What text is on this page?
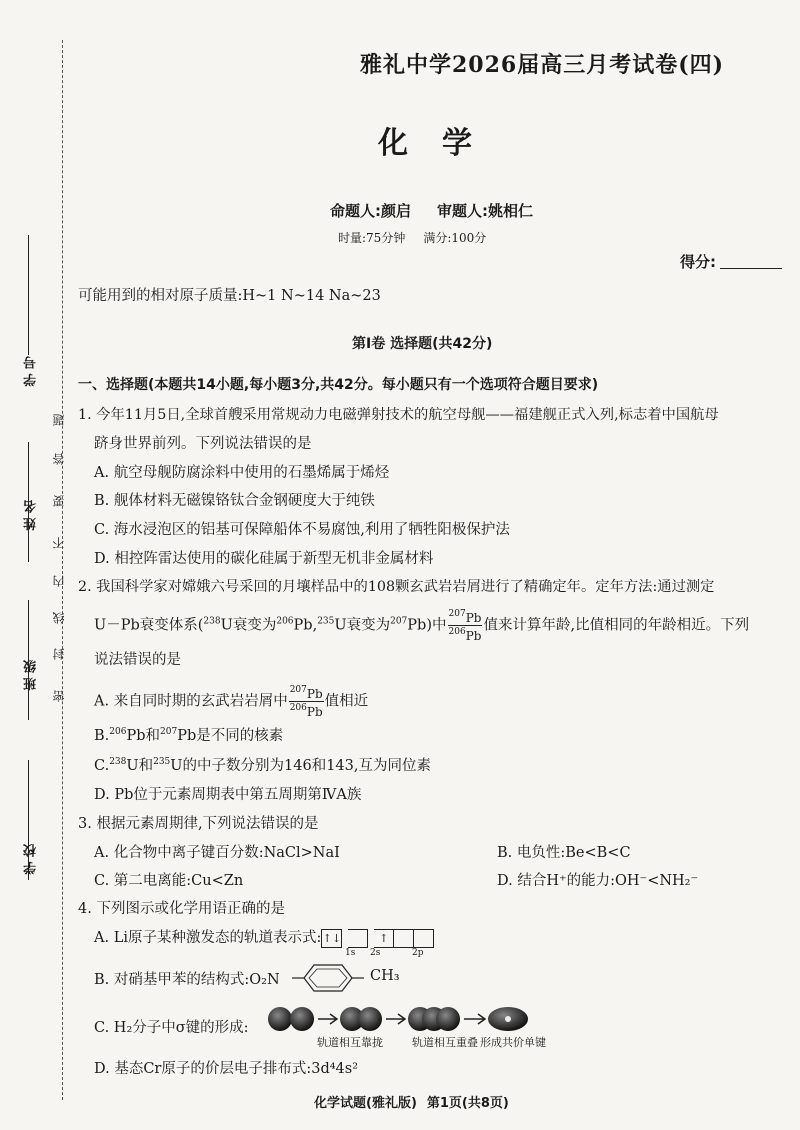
学 号
姓 名
班 级
学 校
密
封
线
内
不
要
答
题
雅礼中学2026届高三月考试卷(四)
化学
命题人:颜启 审题人:姚相仁
时量:75分钟 满分:100分
得分:
可能用到的相对原子质量:H~1 N~14 Na~23
第Ⅰ卷 选择题(共42分)
一、选择题(本题共14小题,每小题3分,共42分。每小题只有一个选项符合题目要求)
1. 今年11月5日,全球首艘采用常规动力电磁弹射技术的航空母舰——福建舰正式入列,标志着中国航母
跻身世界前列。下列说法错误的是
A. 航空母舰防腐涂料中使用的石墨烯属于烯烃
B. 舰体材料无磁镍铬钛合金钢硬度大于纯铁
C. 海水浸泡区的铝基可保障船体不易腐蚀,利用了牺牲阳极保护法
D. 相控阵雷达使用的碳化硅属于新型无机非金属材料
2. 我国科学家对嫦娥六号采回的月壤样品中的108颗玄武岩岩屑进行了精确定年。定年方法:通过测定
U－Pb衰变体系($^{238}$U衰变为$^{206}$Pb,$^{235}$U衰变为$^{207}$Pb)中 $\frac{^{207}Pb}{^{206}Pb}$ 值来计算年龄,比值相同的年龄相近。下列
说法错误的是
A. 来自同时期的玄武岩岩屑中 $\frac{^{207}Pb}{^{206}Pb}$ 值相近
B.$^{206}$Pb和$^{207}$Pb是不同的核素
C.$^{238}$U和$^{235}$U的中子数分别为146和143,互为同位素
D. Pb位于元素周期表中第五周期第ⅣA族
3. 根据元素周期律,下列说法错误的是
A. 化合物中离子键百分数:NaCl>NaI	B. 电负性:Be<B<C
C. 第二电离能:Cu<Zn	D. 结合H⁺的能力:OH⁻<NH₂⁻
4. 下列图示或化学用语正确的是
A. Li原子某种激发态的轨道表示式:↑↓	↑
1s 2s	2p
B. 对硝基甲苯的结构式:O₂N	CH₃
C. H₂分子中σ键的形成:
轨道相互靠拢	轨道相互重叠 形成共价单键
D. 基态Cr原子的价层电子排布式:3d⁴4s²
化学试题(雅礼版) 第1页(共8页)
